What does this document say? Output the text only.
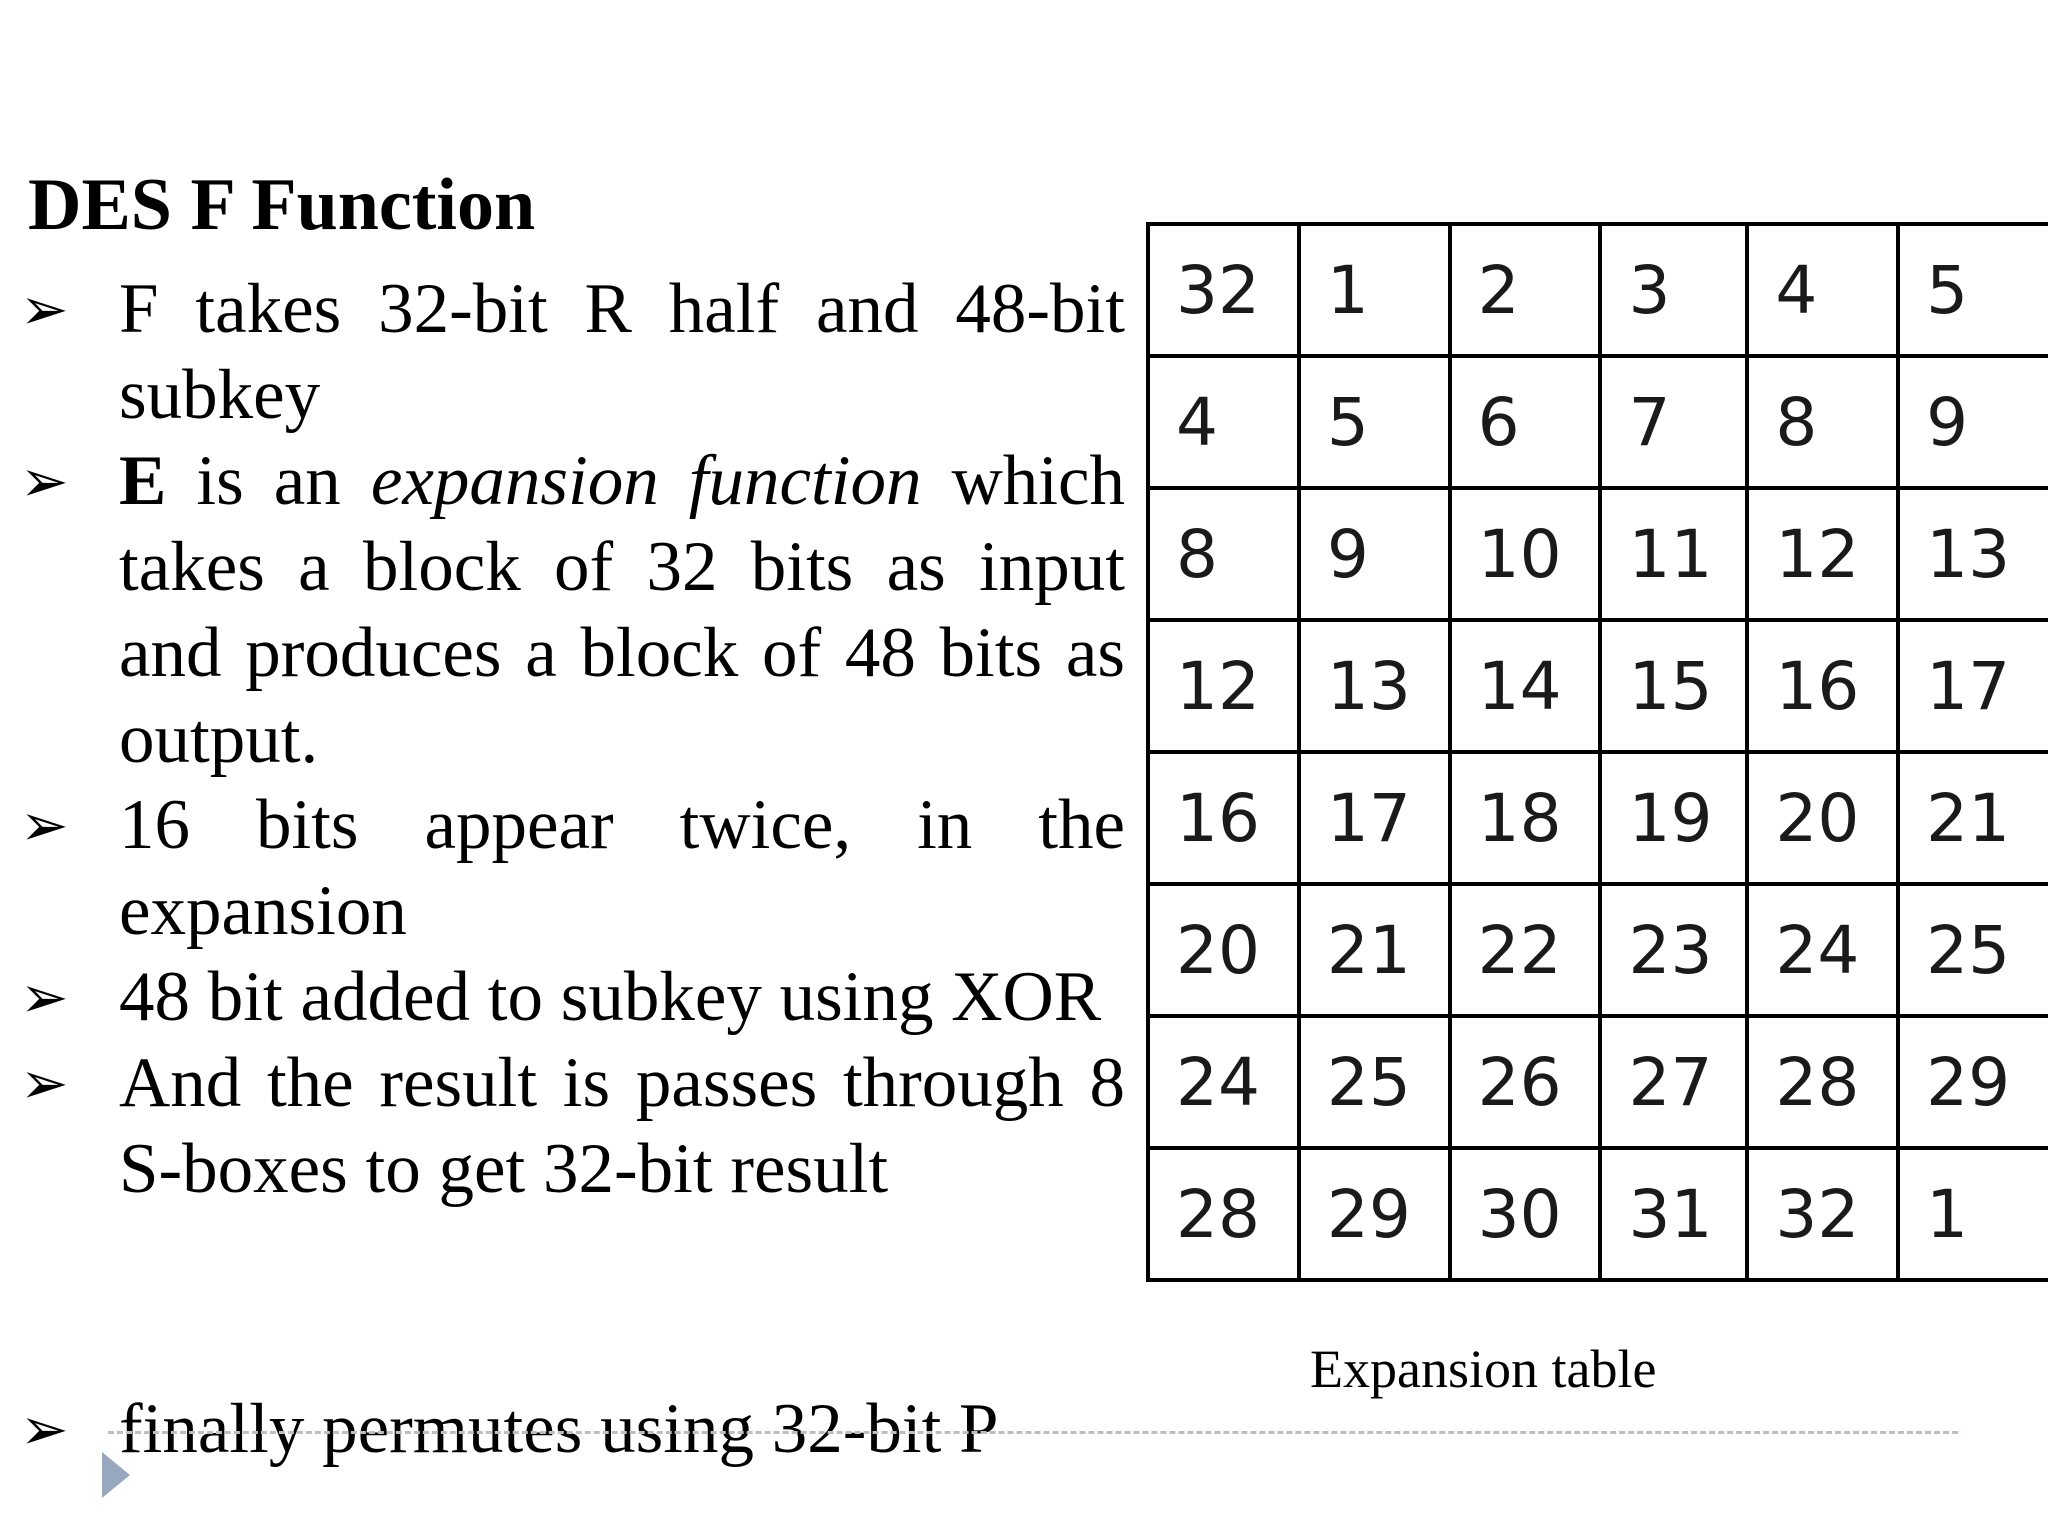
DES F Function
➢ F takes 32-bit R half and 48-bit subkey
➢ E is an expansion function which takes a block of 32 bits as input and produces a block of 48 bits as output.
➢ 16 bits appear twice, in the expansion
➢ 48 bit added to subkey using XOR
➢ And the result is passes through 8 S-boxes to get 32-bit result
➢ finally permutes using 32-bit P
32	1	2	3	4	5
4	5	6	7	8	9
8	9	10	11	12	13
12	13	14	15	16	17
16	17	18	19	20	21
20	21	22	23	24	25
24	25	26	27	28	29
28	29	30	31	32	1
Expansion table
